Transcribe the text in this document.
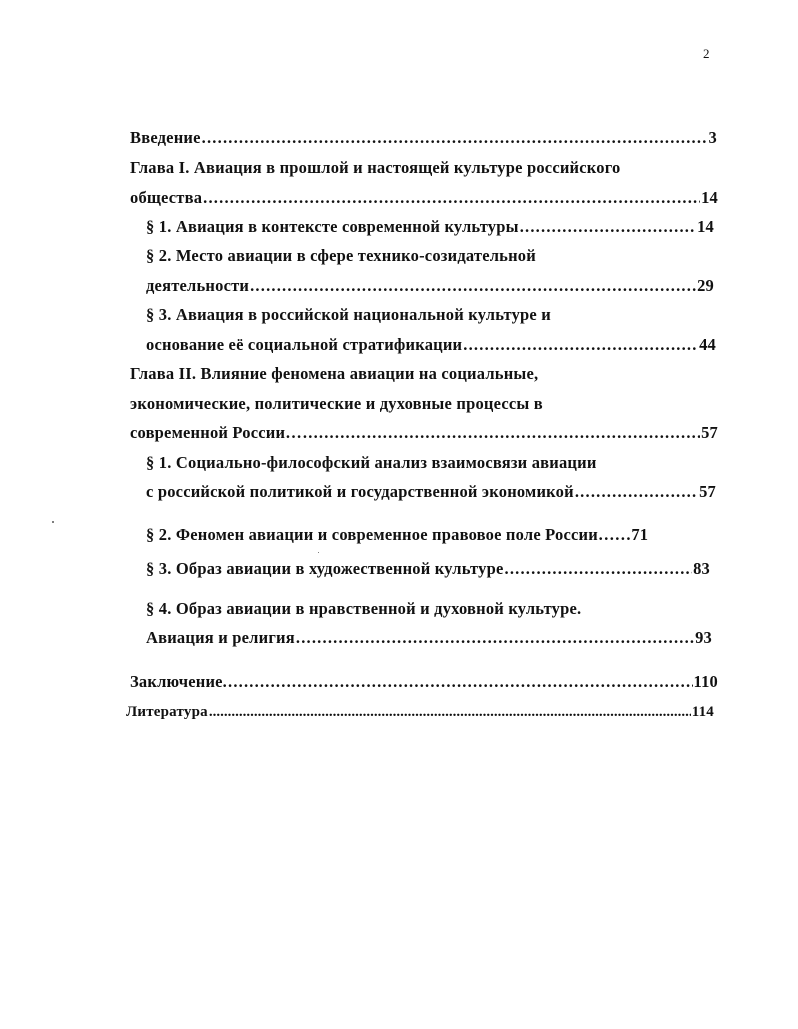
2
Введение .....	3
Глава I. Авиация в прошлой и настоящей культуре российского
общества .....	14
§ 1. Авиация в контексте современной культуры .....	14
§ 2. Место авиации в сфере технико-созидательной
деятельности .....	29
§ 3. Авиация в российской национальной культуре и
основание её социальной стратификации .....	44
Глава II. Влияние феномена авиации на социальные,
экономические, политические и духовные процессы в
современной России… .....	57
§ 1. Социально-философский анализ взаимосвязи авиации
с российской политикой и государственной экономикой .....	57
§ 2. Феномен авиации и современное правовое поле России…… 71
§ 3. Образ авиации в художественной культуре .....	83
§ 4. Образ авиации в нравственной и духовной культуре.
Авиация и религия .....	93
Заключение. .....	110
Литература .....	114
